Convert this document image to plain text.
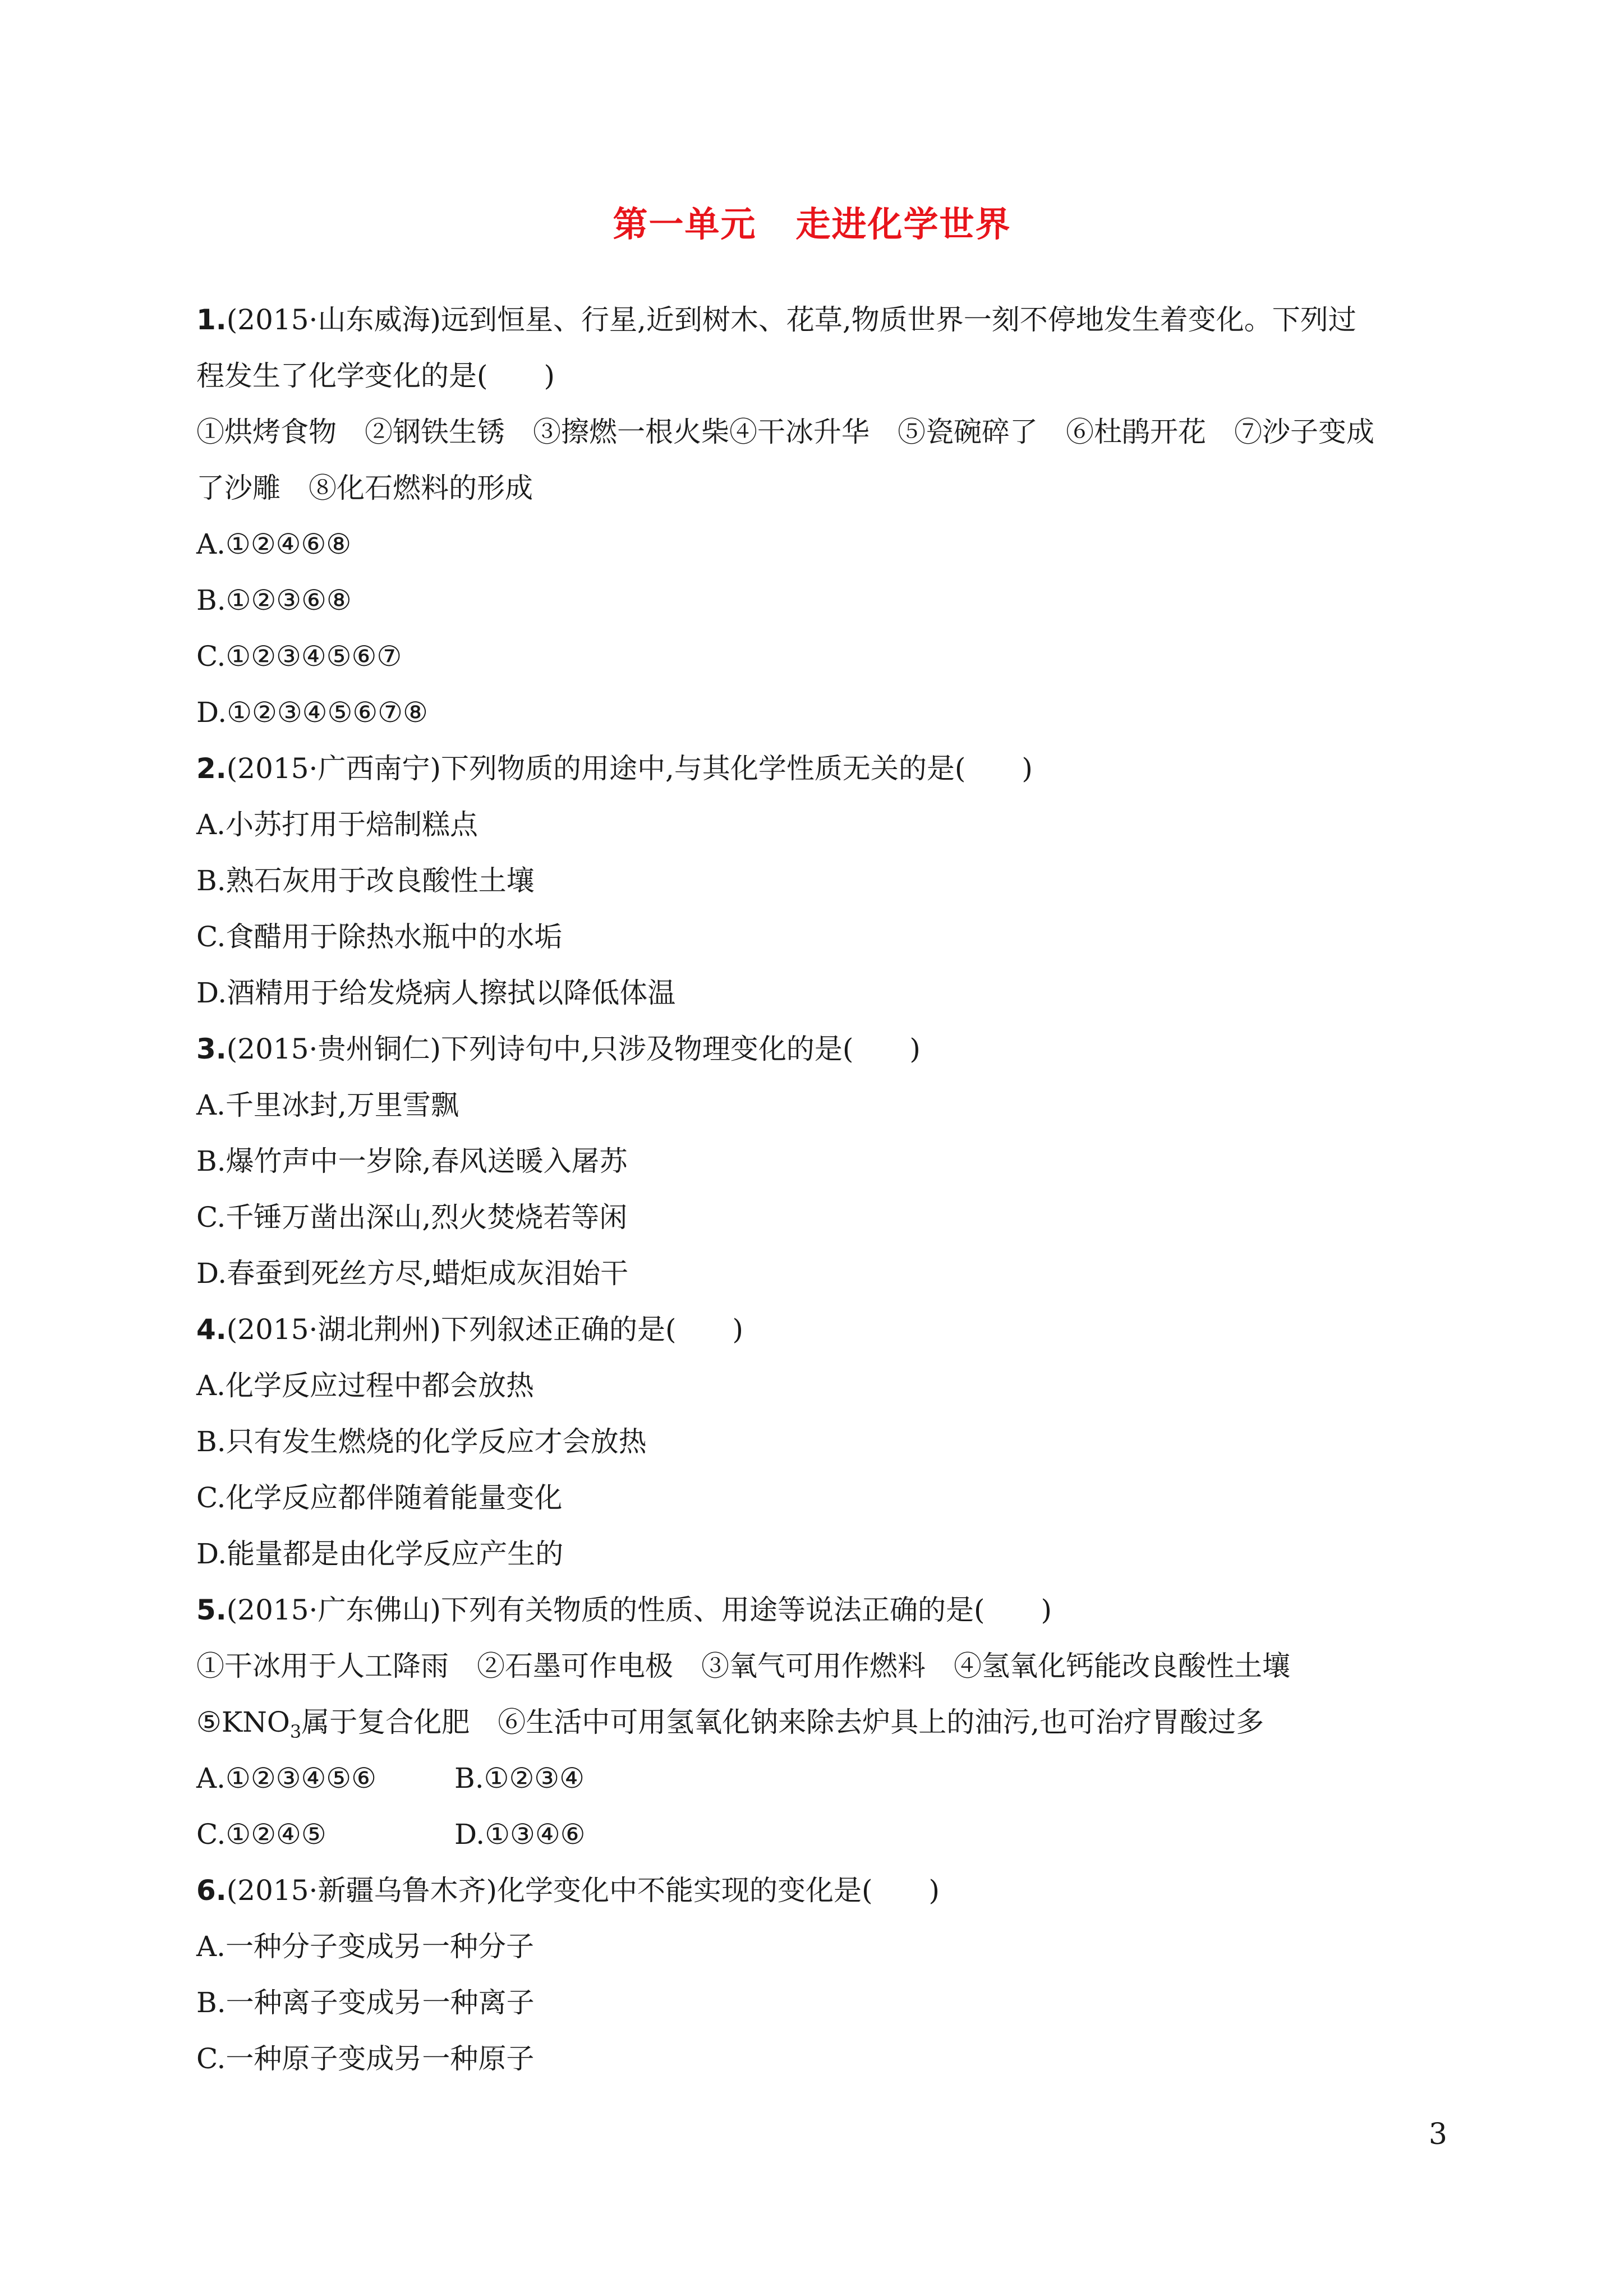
第一单元 走进化学世界
1.(2015·山东威海)远到恒星、行星,近到树木、花草,物质世界一刻不停地发生着变化。下列过
程发生了化学变化的是(　　)
①烘烤食物　②钢铁生锈　③擦燃一根火柴④干冰升华　⑤瓷碗碎了　⑥杜鹃开花　⑦沙子变成
了沙雕　⑧化石燃料的形成
A.①②④⑥⑧
B.①②③⑥⑧
C.①②③④⑤⑥⑦
D.①②③④⑤⑥⑦⑧
2.(2015·广西南宁)下列物质的用途中,与其化学性质无关的是(　　)
A.小苏打用于焙制糕点
B.熟石灰用于改良酸性土壤
C.食醋用于除热水瓶中的水垢
D.酒精用于给发烧病人擦拭以降低体温
3.(2015·贵州铜仁)下列诗句中,只涉及物理变化的是(　　)
A.千里冰封,万里雪飘
B.爆竹声中一岁除,春风送暖入屠苏
C.千锤万凿出深山,烈火焚烧若等闲
D.春蚕到死丝方尽,蜡炬成灰泪始干
4.(2015·湖北荆州)下列叙述正确的是(　　)
A.化学反应过程中都会放热
B.只有发生燃烧的化学反应才会放热
C.化学反应都伴随着能量变化
D.能量都是由化学反应产生的
5.(2015·广东佛山)下列有关物质的性质、用途等说法正确的是(　　)
①干冰用于人工降雨　②石墨可作电极　③氧气可用作燃料　④氢氧化钙能改良酸性土壤
$⑤KNO_3$属于复合化肥　⑥生活中可用氢氧化钠来除去炉具上的油污,也可治疗胃酸过多
A.①②③④⑤⑥	B.①②③④
C.①②④⑤	D.①③④⑥
6.(2015·新疆乌鲁木齐)化学变化中不能实现的变化是(　　)
A.一种分子变成另一种分子
B.一种离子变成另一种离子
C.一种原子变成另一种原子
3
